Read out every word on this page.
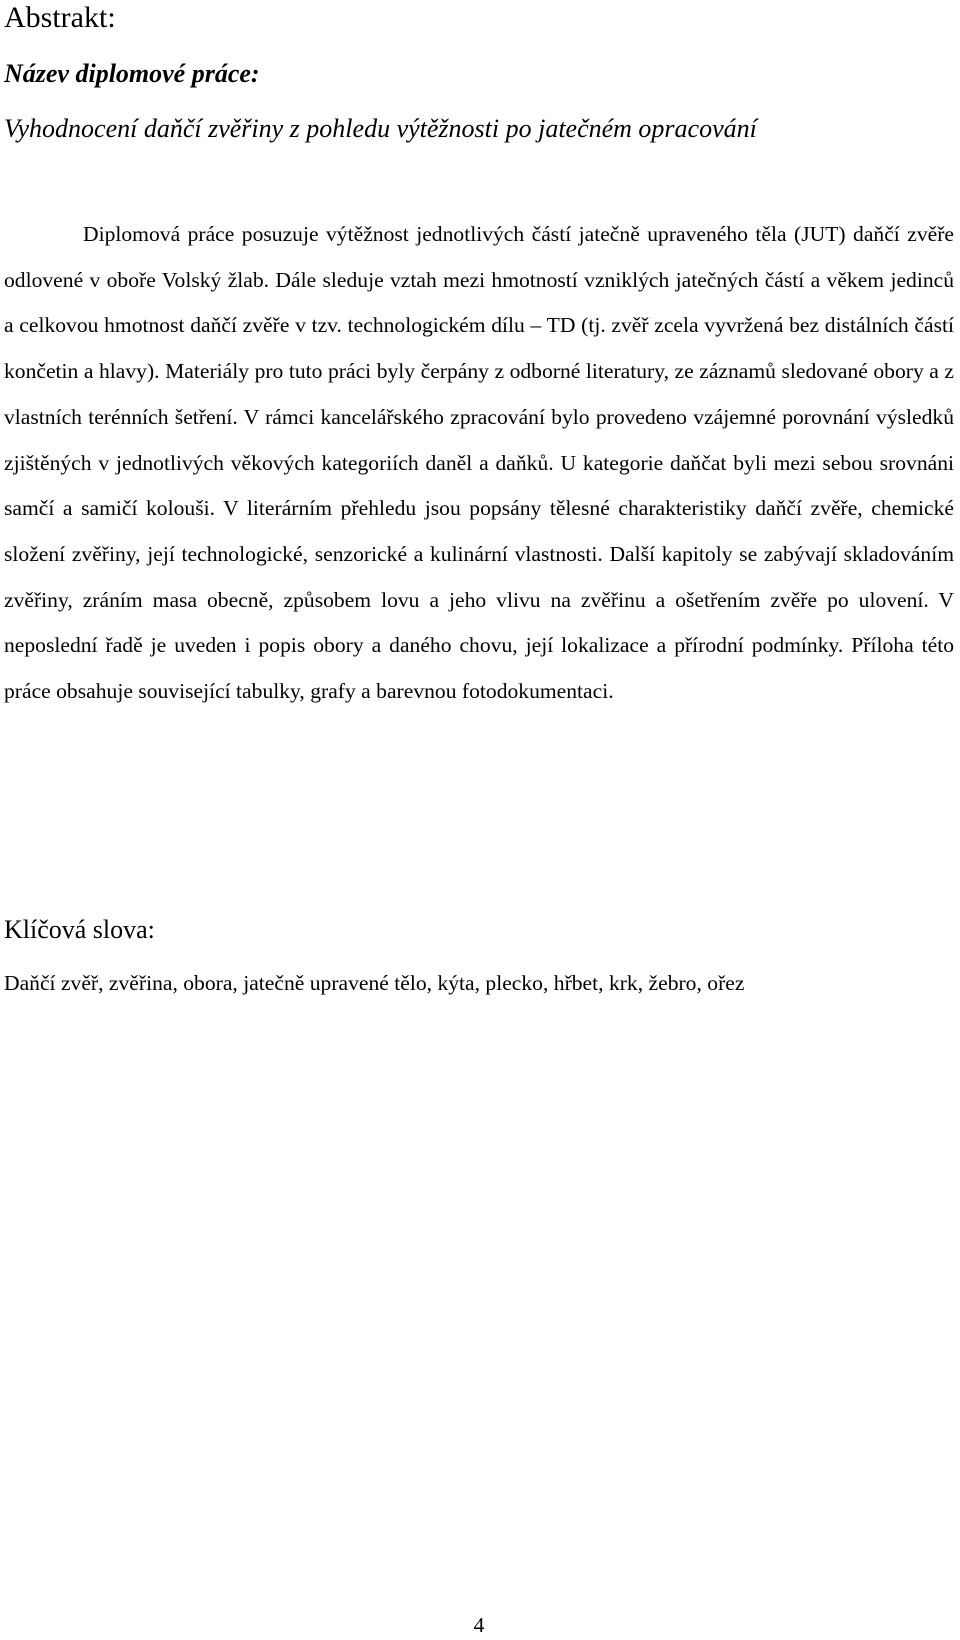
Abstrakt:
Název diplomové práce:

Vyhodnocení daňčí zvěřiny z pohledu výtěžnosti po jatečném opracování

Diplomová práce posuzuje výtěžnost jednotlivých částí jatečně upraveného těla (JUT) daňčí zvěře odlovené v oboře Volský žlab. Dále sleduje vztah mezi hmotností vzniklých jatečných částí a věkem jedinců a celkovou hmotnost daňčí zvěře v tzv. technologickém dílu – TD (tj. zvěř zcela vyvržená bez distálních částí končetin a hlavy). Materiály pro tuto práci byly čerpány z odborné literatury, ze záznamů sledované obory a z vlastních terénních šetření. V rámci kancelářského zpracování bylo provedeno vzájemné porovnání výsledků zjištěných v jednotlivých věkových kategoriích daněl a daňků. U kategorie daňčat byli mezi sebou srovnáni samčí a samičí kolouši. V literárním přehledu jsou popsány tělesné charakteristiky daňčí zvěře, chemické složení zvěřiny, její technologické, senzorické a kulinární vlastnosti. Další kapitoly se zabývají skladováním zvěřiny, zráním masa obecně, způsobem lovu a jeho vlivu na zvěřinu a ošetřením zvěře po ulovení. V neposlední řadě je uveden i popis obory a daného chovu, její lokalizace a přírodní podmínky. Příloha této práce obsahuje související tabulky, grafy a barevnou fotodokumentaci.

Klíčová slova:

Daňčí zvěř, zvěřina, obora, jatečně upravené tělo, kýta, plecko, hřbet, krk, žebro, ořez

4
